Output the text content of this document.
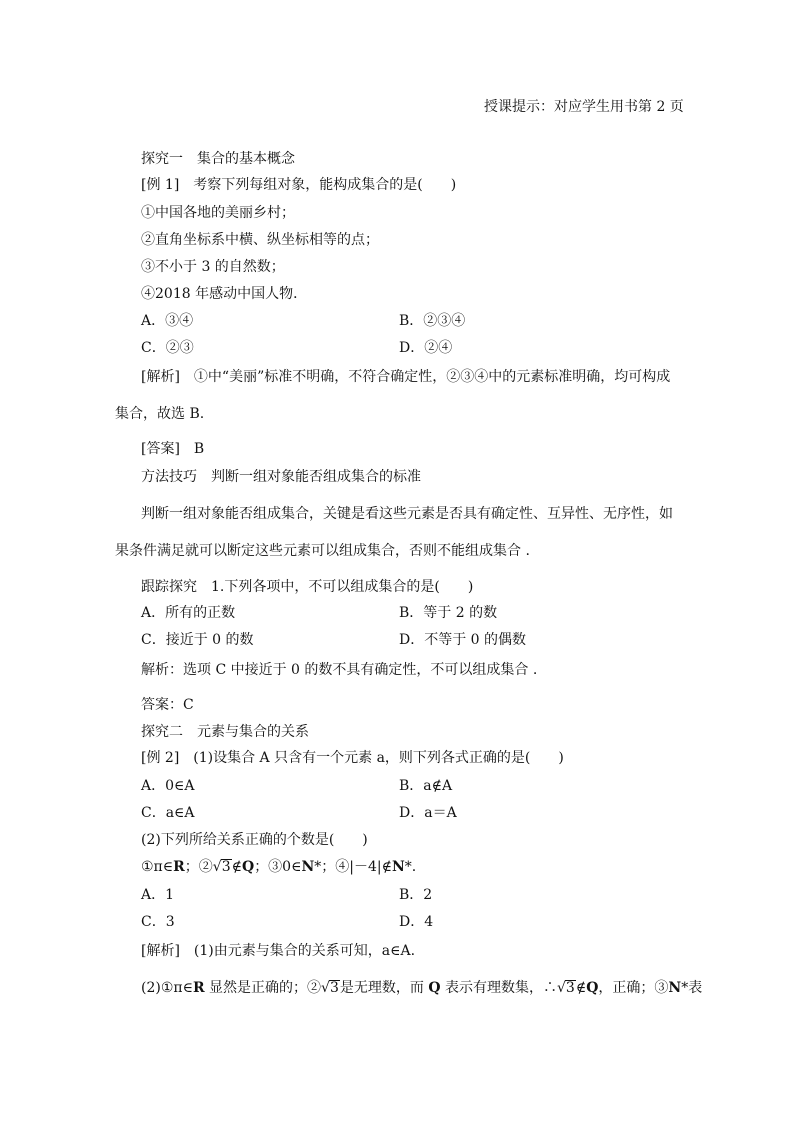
授课提示：对应学生用书第 2 页
探究一　集合的基本概念
[例 1]　考察下列每组对象，能构成集合的是(　　)
①中国各地的美丽乡村；
②直角坐标系中横、纵坐标相等的点；
③不小于 3 的自然数；
④2018 年感动中国人物．
A．③④	B．②③④
C．②③	D．②④
[解析]　①中“美丽”标准不明确，不符合确定性，②③④中的元素标准明确，均可构成
集合，故选 B.
[答案]　B
方法技巧　判断一组对象能否组成集合的标准
判断一组对象能否组成集合，关键是看这些元素是否具有确定性、互异性、无序性，如
果条件满足就可以断定这些元素可以组成集合，否则不能组成集合 .
跟踪探究　1.下列各项中，不可以组成集合的是(　　)
A．所有的正数	B．等于 2 的数
C．接近于 0 的数	D．不等于 0 的偶数
解析：选项 C 中接近于 0 的数不具有确定性，不可以组成集合 .
答案：C
探究二　元素与集合的关系
[例 2]　(1)设集合 A 只含有一个元素 a，则下列各式正确的是(　　)
A．0∈A	B．a∉A
C．a∈A	D．a＝A
(2)下列所给关系正确的个数是(　　)
①π∈R；②√3∉Q；③0∈N*；④|－4|∉N*.
A．1	B．2
C．3	D．4
[解析]　(1)由元素与集合的关系可知，a∈A.
(2)①π∈R 显然是正确的；②√3是无理数，而 Q 表示有理数集，∴√3∉Q，正确；③N*表
